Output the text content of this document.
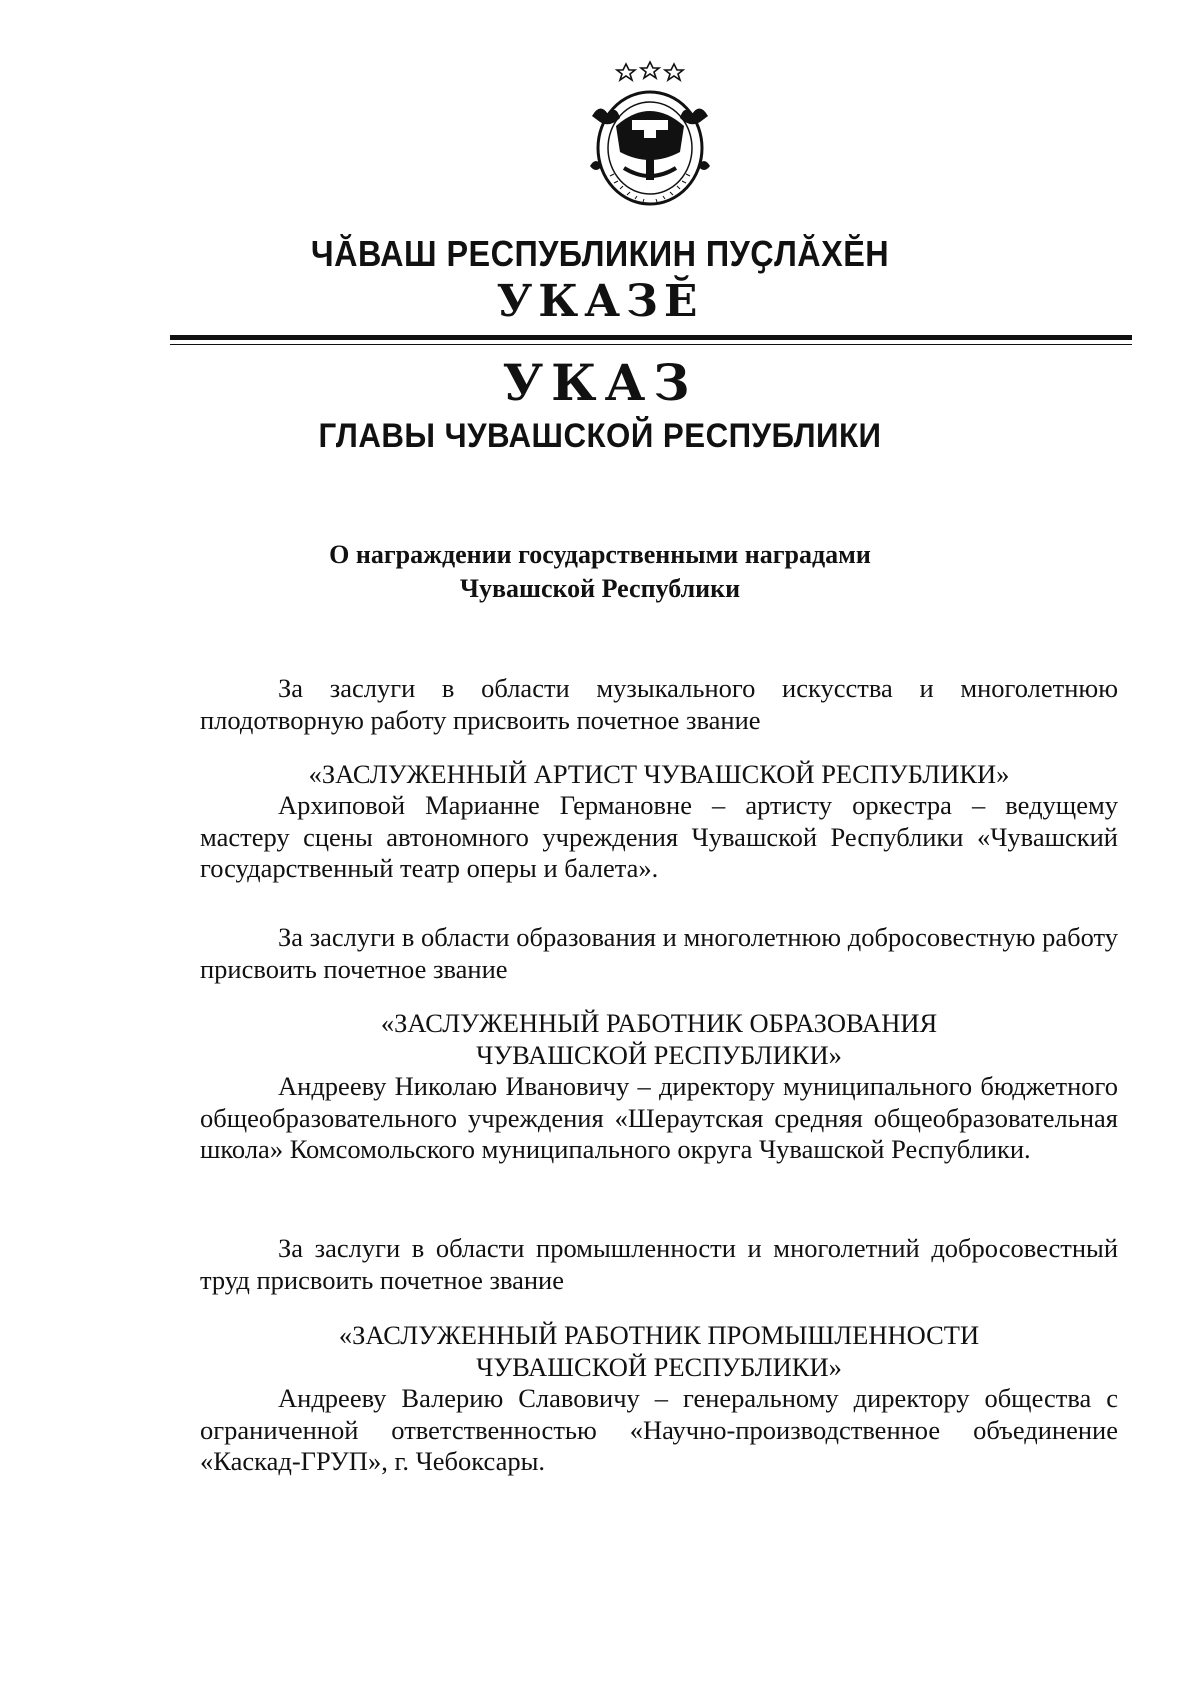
ЧĂВАШ РЕСПУБЛИКИН ПУҪЛĂХĔН
УКАЗĔ
УКАЗ
ГЛАВЫ ЧУВАШСКОЙ РЕСПУБЛИКИ
О награждении государственными наградами
Чувашской Республики

За заслуги в области музыкального искусства и многолетнюю плодотворную работу присвоить почетное звание

«ЗАСЛУЖЕННЫЙ АРТИСТ ЧУВАШСКОЙ РЕСПУБЛИКИ»

Архиповой Марианне Германовне – артисту оркестра – ведущему мастеру сцены автономного учреждения Чувашской Республики «Чувашский государственный театр оперы и балета».

За заслуги в области образования и многолетнюю добросовестную работу присвоить почетное звание

«ЗАСЛУЖЕННЫЙ РАБОТНИК ОБРАЗОВАНИЯ
ЧУВАШСКОЙ РЕСПУБЛИКИ»

Андрееву Николаю Ивановичу – директору муниципального бюджетного общеобразовательного учреждения «Шераутская средняя общеобразовательная школа» Комсомольского муниципального округа Чувашской Республики.

За заслуги в области промышленности и многолетний добросовестный труд присвоить почетное звание

«ЗАСЛУЖЕННЫЙ РАБОТНИК ПРОМЫШЛЕННОСТИ
ЧУВАШСКОЙ РЕСПУБЛИКИ»

Андрееву Валерию Славовичу – генеральному директору общества с ограниченной ответственностью «Научно-производственное объединение «Каскад-ГРУП», г. Чебоксары.
